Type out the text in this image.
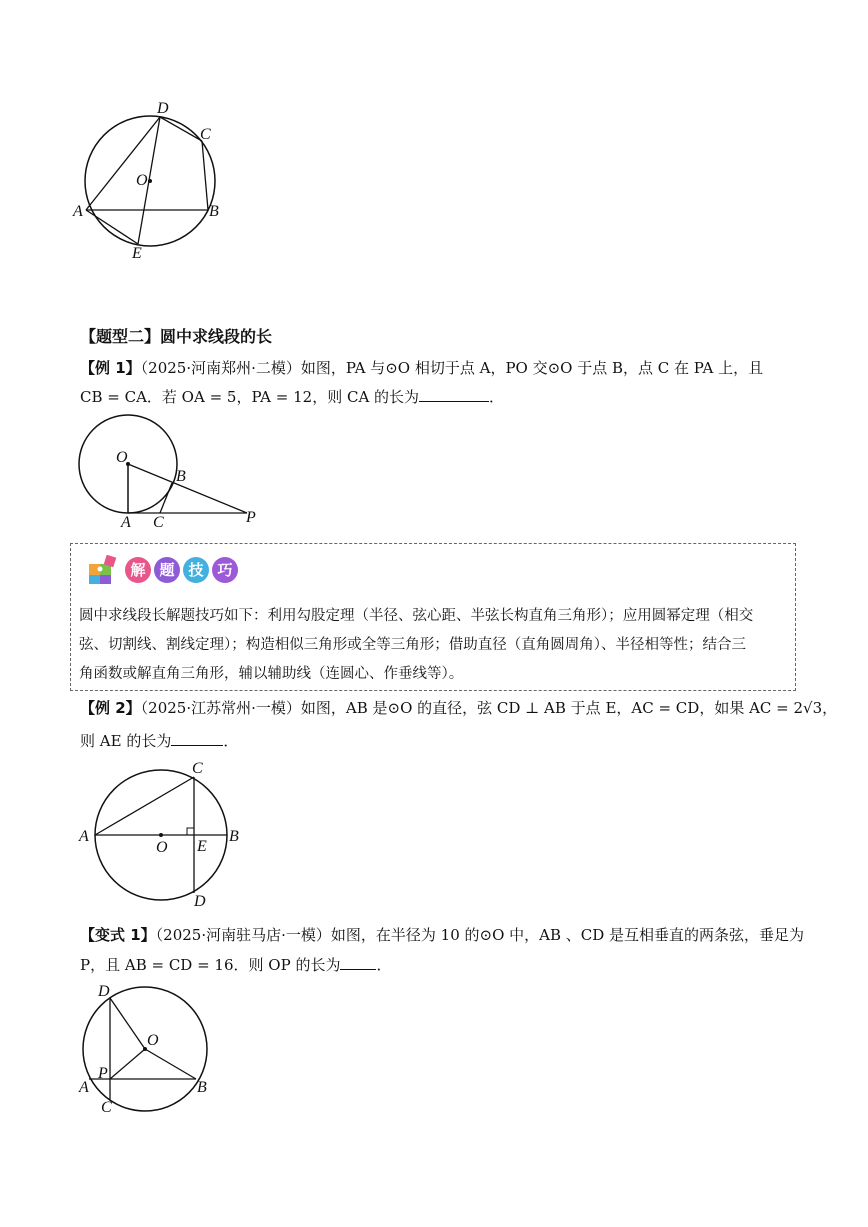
D
C
O
A	B
E
【题型二】圆中求线段的长
【例 1】（2025·河南郑州·二模）如图，PA 与⊙O 相切于点 A，PO 交⊙O 于点 B，点 C 在 PA 上，且
CB = CA．若 OA = 5，PA = 12，则 CA 的长为	．
O
B
A C	P
解 题 技 巧
圆中求线段长解题技巧如下：利用勾股定理（半径、弦心距、半弦长构直角三角形）；应用圆幂定理（相交
弦、切割线、割线定理）；构造相似三角形或全等三角形；借助直径（直角圆周角）、半径相等性；结合三
角函数或解直角三角形，辅以辅助线（连圆心、作垂线等）。
【例 2】（2025·江苏常州·一模）如图，AB 是⊙O 的直径，弦 CD ⊥ AB 于点 E，AC = CD，如果 AC = 2√3，
则 AE 的长为	．
C
A
O E
B
D
【变式 1】（2025·河南驻马店·一模）如图，在半径为 10 的⊙O 中，AB 、CD 是互相垂直的两条弦，垂足为
P，且 AB = CD = 16．则 OP 的长为 ．
D
O
P
A	B
C
